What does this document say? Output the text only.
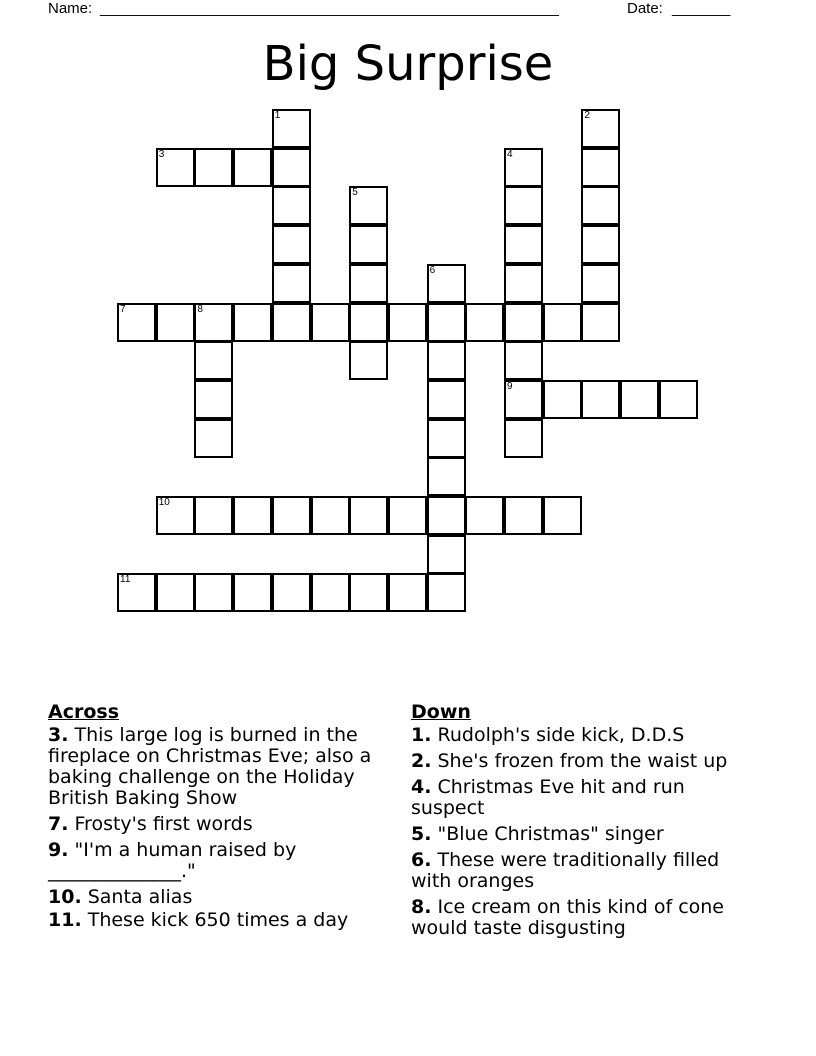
Name: _______________________________________________________	Date: _______
Big Surprise
1	2
3	4
9
5
6
7	8
10
11
Across
3. This large log is burned in the fireplace on Christmas Eve; also a baking challenge on the Holiday British Baking Show
7. Frosty's first words
9. "I'm a human raised by ______________."
10. Santa alias
11. These kick 650 times a day
Down
1. Rudolph's side kick, D.D.S
2. She's frozen from the waist up
4. Christmas Eve hit and run suspect
5. "Blue Christmas" singer
6. These were traditionally filled with oranges
8. Ice cream on this kind of cone would taste disgusting
